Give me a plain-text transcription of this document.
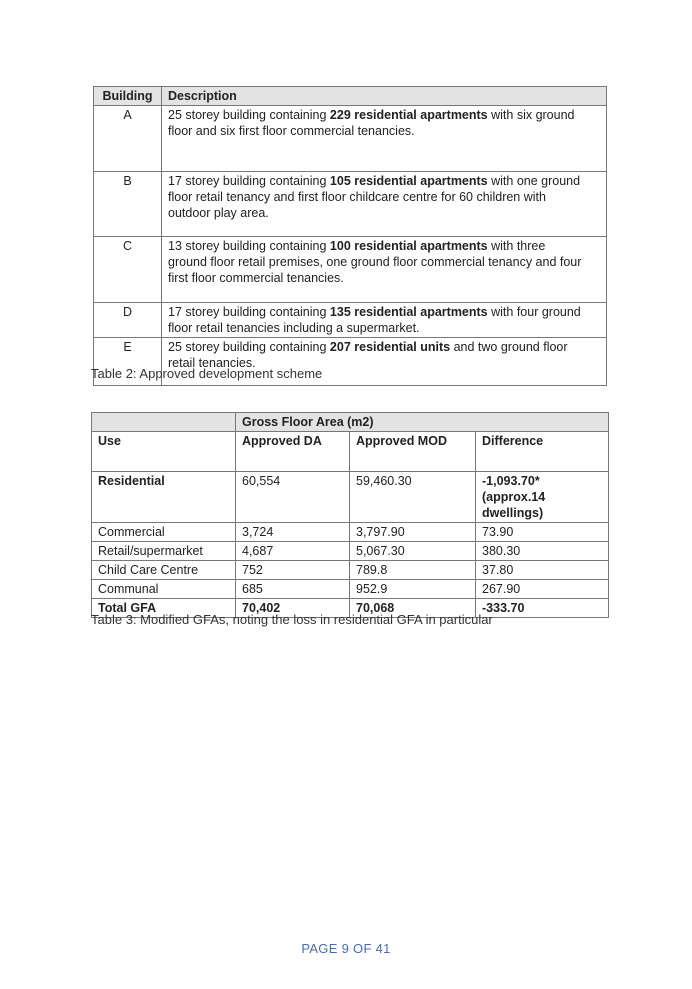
Building	Description
A	25 storey building containing 229 residential apartments with six ground floor and six first floor commercial tenancies.
B	17 storey building containing 105 residential apartments with one ground floor retail tenancy and first floor childcare centre for 60 children with outdoor play area.
C	13 storey building containing 100 residential apartments with three ground floor retail premises, one ground floor commercial tenancy and four first floor commercial tenancies.
D	17 storey building containing 135 residential apartments with four ground floor retail tenancies including a supermarket.
E	25 storey building containing 207 residential units and two ground floor retail tenancies.
Table 2: Approved development scheme
	Gross Floor Area (m2)		
Use	Approved DA	Approved MOD	Difference
Residential	60,554	59,460.30	-1,093.70* (approx.14 dwellings)
Commercial	3,724	3,797.90	73.90
Retail/supermarket	4,687	5,067.30	380.30
Child Care Centre	752	789.8	37.80
Communal	685	952.9	267.90
Total GFA	70,402	70,068	-333.70
Table 3: Modified GFAs, noting the loss in residential GFA in particular
PAGE 9 OF 41
